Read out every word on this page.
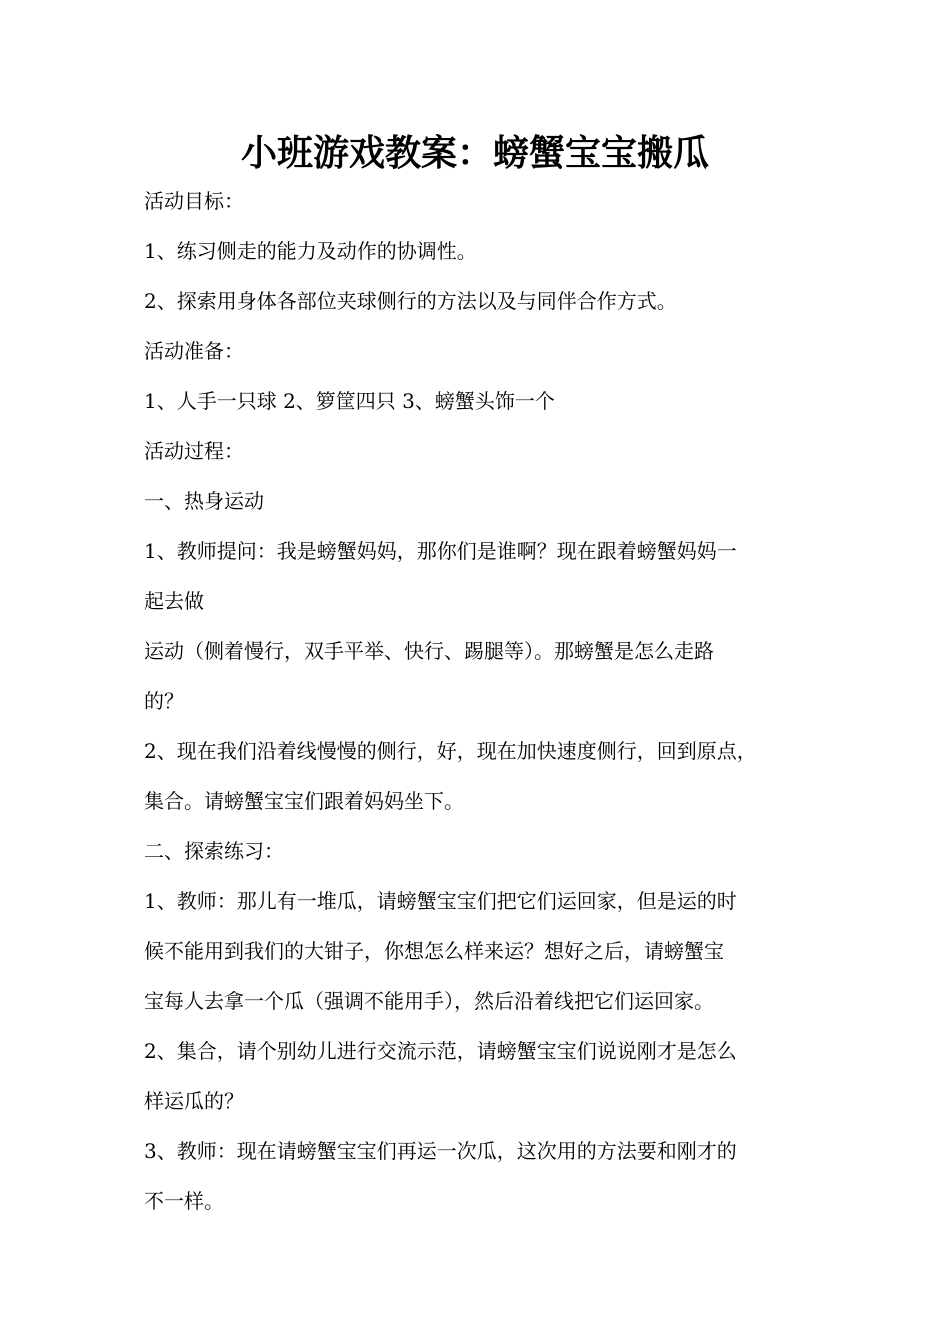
小班游戏教案：螃蟹宝宝搬瓜
活动目标：
1、练习侧走的能力及动作的协调性。
2、探索用身体各部位夹球侧行的方法以及与同伴合作方式。
活动准备：
1、人手一只球 2、箩筐四只 3、螃蟹头饰一个
活动过程：
一、热身运动
1、教师提问：我是螃蟹妈妈，那你们是谁啊？现在跟着螃蟹妈妈一
起去做
运动（侧着慢行，双手平举、快行、踢腿等）。那螃蟹是怎么走路
的？
2、现在我们沿着线慢慢的侧行，好，现在加快速度侧行，回到原点，
集合。请螃蟹宝宝们跟着妈妈坐下。
二、探索练习：
1、教师：那儿有一堆瓜，请螃蟹宝宝们把它们运回家，但是运的时
候不能用到我们的大钳子，你想怎么样来运？想好之后，请螃蟹宝
宝每人去拿一个瓜（强调不能用手），然后沿着线把它们运回家。
2、集合，请个别幼儿进行交流示范，请螃蟹宝宝们说说刚才是怎么
样运瓜的？
3、教师：现在请螃蟹宝宝们再运一次瓜，这次用的方法要和刚才的
不一样。
